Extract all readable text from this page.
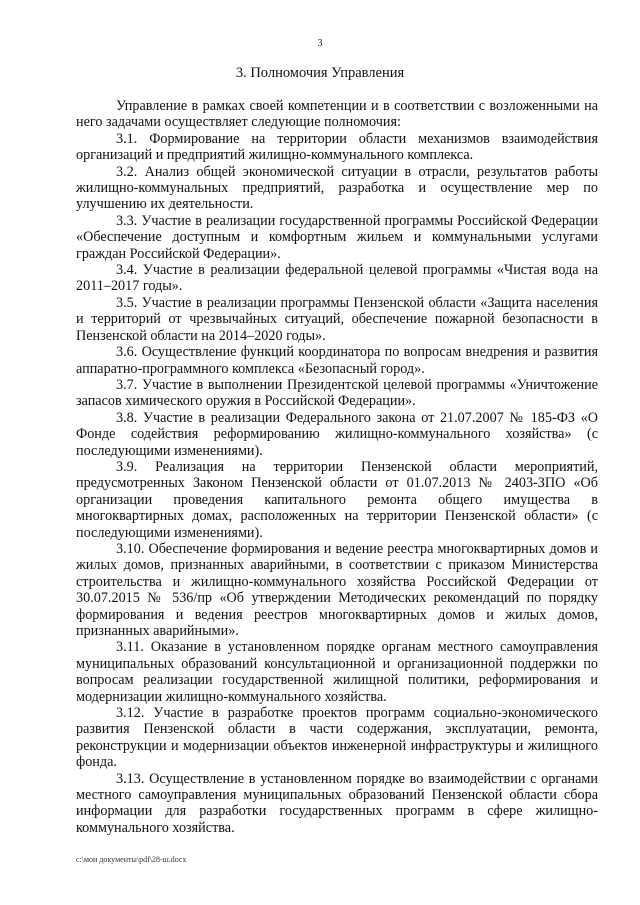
3
3. Полномочия Управления

Управление в рамках своей компетенции и в соответствии с возложенными на него задачами осуществляет следующие полномочия:

3.1. Формирование на территории области механизмов взаимодействия организаций и предприятий жилищно-коммунального комплекса.

3.2. Анализ общей экономической ситуации в отрасли, результатов работы жилищно-коммунальных предприятий, разработка и осуществление мер по улучшению их деятельности.

3.3. Участие в реализации государственной программы Российской Федерации «Обеспечение доступным и комфортным жильем и коммунальными услугами граждан Российской Федерации».

3.4. Участие в реализации федеральной целевой программы «Чистая вода на 2011–2017 годы».

3.5. Участие в реализации программы Пензенской области «Защита населения и территорий от чрезвычайных ситуаций, обеспечение пожарной безопасности в Пензенской области на 2014–2020 годы».

3.6. Осуществление функций координатора по вопросам внедрения и развития аппаратно-программного комплекса «Безопасный город».

3.7. Участие в выполнении Президентской целевой программы «Уничтожение запасов химического оружия в Российской Федерации».

3.8. Участие в реализации Федерального закона от 21.07.2007 № 185-ФЗ «О Фонде содействия реформированию жилищно-коммунального хозяйства» (с последующими изменениями).

3.9. Реализация на территории Пензенской области мероприятий, предусмотренных Законом Пензенской области от 01.07.2013 № 2403-ЗПО «Об организации проведения капитального ремонта общего имущества в многоквартирных домах, расположенных на территории Пензенской области» (с последующими изменениями).

3.10. Обеспечение формирования и ведение реестра многоквартирных домов и жилых домов, признанных аварийными, в соответствии с приказом Министерства строительства и жилищно-коммунального хозяйства Российской Федерации от 30.07.2015 № 536/пр «Об утверждении Методических рекомендаций по порядку формирования и ведения реестров многоквартирных домов и жилых домов, признанных аварийными».

3.11. Оказание в установленном порядке органам местного самоуправления муниципальных образований консультационной и организационной поддержки по вопросам реализации государственной жилищной политики, реформирования и модернизации жилищно-коммунального хозяйства.

3.12. Участие в разработке проектов программ социально-экономического развития Пензенской области в части содержания, эксплуатации, ремонта, реконструкции и модернизации объектов инженерной инфраструктуры и жилищного фонда.

3.13. Осуществление в установленном порядке во взаимодействии с органами местного самоуправления муниципальных образований Пензенской области сбора информации для разработки государственных программ в сфере жилищно-коммунального хозяйства.

c:\мои документы\pdf\28-ш.docx
